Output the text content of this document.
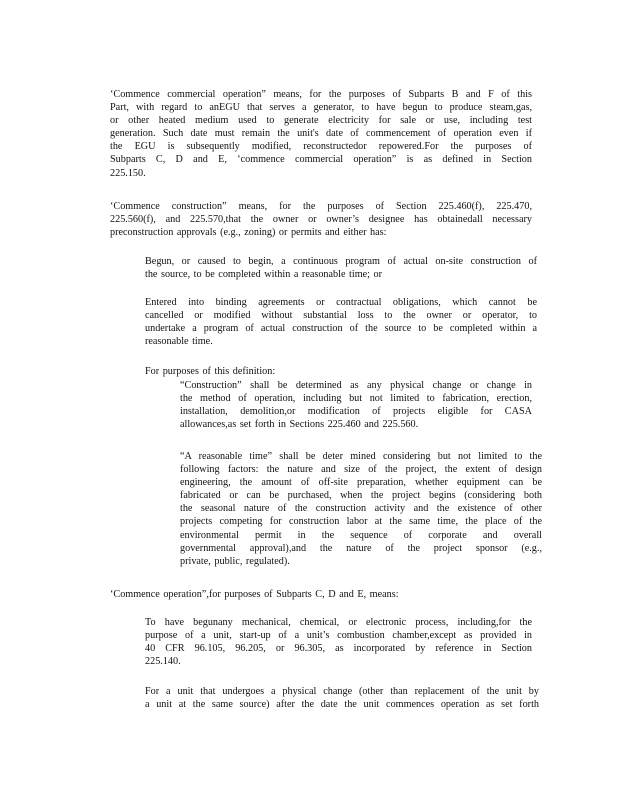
‘Commence commercial operation” means, for the purposes of Subparts B and F of this
Part, with regard to anEGU that serves a generator, to have begun to produce steam,gas,
or other heated medium used to generate electricity for sale or use, including test
generation. Such date must remain the unit's date of commencement of operation even if
the EGU is subsequently modified, reconstructedor repowered.For the purposes of
Subparts C, D and E, ‘commence commercial operation” is as defined in Section
225.150.
‘Commence construction” means, for the purposes of Section 225.460(f), 225.470,
225.560(f), and 225.570,that the owner or owner’s designee has obtainedall necessary
preconstruction approvals (e.g., zoning) or permits and either has:
Begun, or caused to begin, a continuous program of actual on-site construction of
the source, to be completed within a reasonable time; or
Entered into binding agreements or contractual obligations, which cannot be
cancelled or modified without substantial loss to the owner or operator, to
undertake a program of actual construction of the source to be completed within a
reasonable time.
For purposes of this definition:
“Construction” shall be determined as any physical change or change in
the method of operation, including but not limited to fabrication, erection,
installation, demolition,or modification of projects eligible for CASA
allowances,as set forth in Sections 225.460 and 225.560.
“A reasonable time” shall be deter mined considering but not limited to the
following factors: the nature and size of the project, the extent of design
engineering, the amount of off-site preparation, whether equipment can be
fabricated or can be purchased, when the project begins (considering both
the seasonal nature of the construction activity and the existence of other
projects competing for construction labor at the same time, the place of the
environmental permit in the sequence of corporate and overall
governmental approval),and the nature of the project sponsor (e.g.,
private, public, regulated).
‘Commence operation”,for purposes of Subparts C, D and E, means:
To have begunany mechanical, chemical, or electronic process, including,for the
purpose of a unit, start-up of a unit’s combustion chamber,except as provided in
40 CFR 96.105, 96.205, or 96.305, as incorporated by reference in Section
225.140.
For a unit that undergoes a physical change (other than replacement of the unit by
a unit at the same source) after the date the unit commences operation as set forth
